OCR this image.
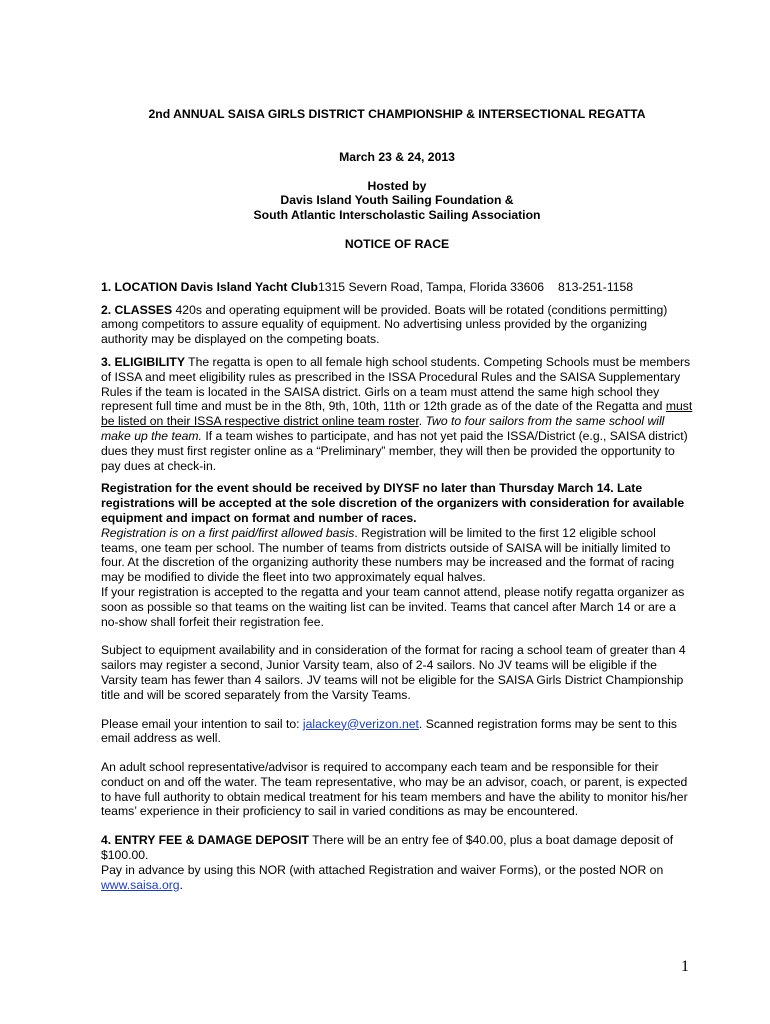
2nd ANNUAL SAISA GIRLS DISTRICT CHAMPIONSHIP & INTERSECTIONAL REGATTA
March 23 & 24, 2013
Hosted by
Davis Island Youth Sailing Foundation &
South Atlantic Interscholastic Sailing Association
NOTICE OF RACE

1. LOCATION Davis Island Yacht Club1315 Severn Road, Tampa, Florida 33606 813-251-1158

2. CLASSES 420s and operating equipment will be provided. Boats will be rotated (conditions permitting) among competitors to assure equality of equipment. No advertising unless provided by the organizing authority may be displayed on the competing boats.

3. ELIGIBILITY The regatta is open to all female high school students. Competing Schools must be members of ISSA and meet eligibility rules as prescribed in the ISSA Procedural Rules and the SAISA Supplementary Rules if the team is located in the SAISA district. Girls on a team must attend the same high school they represent full time and must be in the 8th, 9th, 10th, 11th or 12th grade as of the date of the Regatta and must be listed on their ISSA respective district online team roster. Two to four sailors from the same school will make up the team. If a team wishes to participate, and has not yet paid the ISSA/District (e.g., SAISA district) dues they must first register online as a “Preliminary” member, they will then be provided the opportunity to pay dues at check-in.

Registration for the event should be received by DIYSF no later than Thursday March 14. Late registrations will be accepted at the sole discretion of the organizers with consideration for available equipment and impact on format and number of races.

Registration is on a first paid/first allowed basis. Registration will be limited to the first 12 eligible school teams, one team per school. The number of teams from districts outside of SAISA will be initially limited to four. At the discretion of the organizing authority these numbers may be increased and the format of racing may be modified to divide the fleet into two approximately equal halves.

If your registration is accepted to the regatta and your team cannot attend, please notify regatta organizer as soon as possible so that teams on the waiting list can be invited. Teams that cancel after March 14 or are a no-show shall forfeit their registration fee.

Subject to equipment availability and in consideration of the format for racing a school team of greater than 4 sailors may register a second, Junior Varsity team, also of 2-4 sailors. No JV teams will be eligible if the Varsity team has fewer than 4 sailors. JV teams will not be eligible for the SAISA Girls District Championship title and will be scored separately from the Varsity Teams.

Please email your intention to sail to: jalackey@verizon.net. Scanned registration forms may be sent to this email address as well.

An adult school representative/advisor is required to accompany each team and be responsible for their conduct on and off the water. The team representative, who may be an advisor, coach, or parent, is expected to have full authority to obtain medical treatment for his team members and have the ability to monitor his/her teams’ experience in their proficiency to sail in varied conditions as may be encountered.

4. ENTRY FEE & DAMAGE DEPOSIT There will be an entry fee of $40.00, plus a boat damage deposit of $100.00.

Pay in advance by using this NOR (with attached Registration and waiver Forms), or the posted NOR on www.saisa.org.

1
